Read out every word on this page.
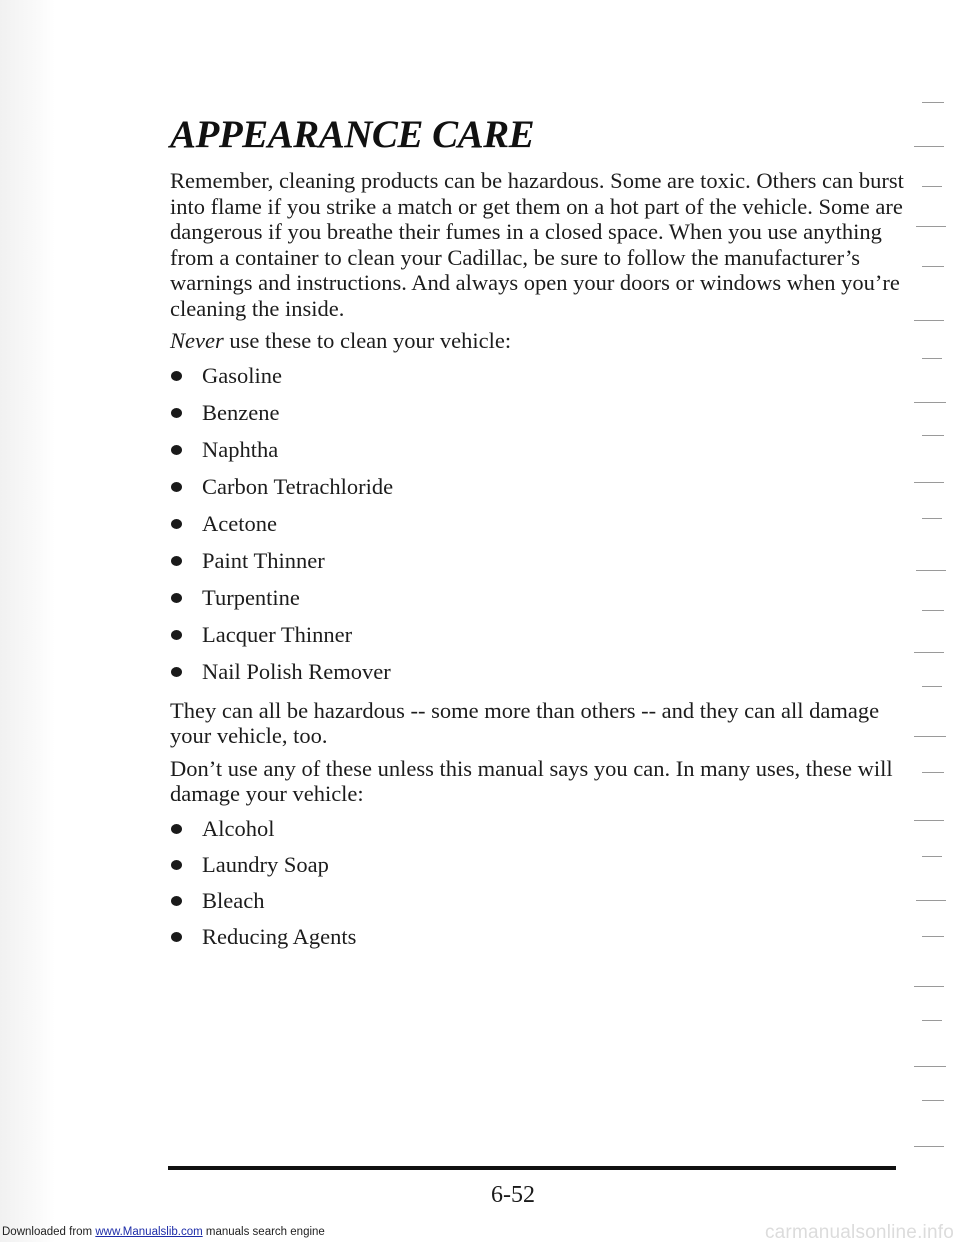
APPEARANCE CARE

Remember, cleaning products can be hazardous. Some are toxic. Others can burst into flame if you strike a match or get them on a hot part of the vehicle. Some are dangerous if you breathe their fumes in a closed space. When you use anything from a container to clean your Cadillac, be sure to follow the manufacturer’s warnings and instructions. And always open your doors or windows when you’re cleaning the inside.

Never use these to clean your vehicle:

Gasoline
Benzene
Naphtha
Carbon Tetrachloride
Acetone
Paint Thinner
Turpentine
Lacquer Thinner
Nail Polish Remover

They can all be hazardous -- some more than others -- and they can all damage your vehicle, too.

Don’t use any of these unless this manual says you can. In many uses, these will damage your vehicle:

Alcohol
Laundry Soap
Bleach
Reducing Agents
6-52
Downloaded from www.Manualslib.com manuals search engine	carmanualsonline.info
